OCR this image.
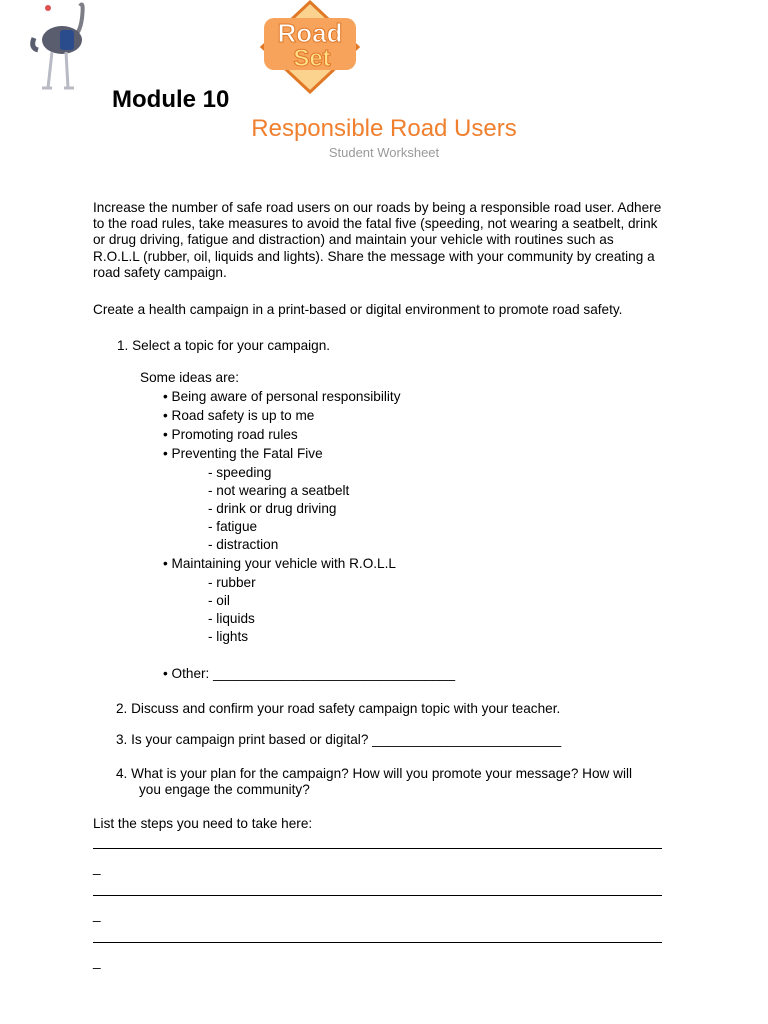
Road
Set
Module 10
Responsible Road Users
Student Worksheet
Increase the number of safe road users on our roads by being a responsible road user. Adhere to the road rules, take measures to avoid the fatal five (speeding, not wearing a seatbelt, drink or drug driving, fatigue and distraction) and maintain your vehicle with routines such as R.O.L.L (rubber, oil, liquids and lights). Share the message with your community by creating a road safety campaign.
Create a health campaign in a print-based or digital environment to promote road safety.
1. Select a topic for your campaign.
Some ideas are:
• Being aware of personal responsibility
• Road safety is up to me
• Promoting road rules
• Preventing the Fatal Five
- speeding
- not wearing a seatbelt
- drink or drug driving
- fatigue
- distraction
• Maintaining your vehicle with R.O.L.L
- rubber
- oil
- liquids
- lights
• Other: ________________________________
2. Discuss and confirm your road safety campaign topic with your teacher.
3. Is your campaign print based or digital? _________________________
4. What is your plan for the campaign? How will you promote your message? How will
you engage the community?
List the steps you need to take here:
_
_
_
